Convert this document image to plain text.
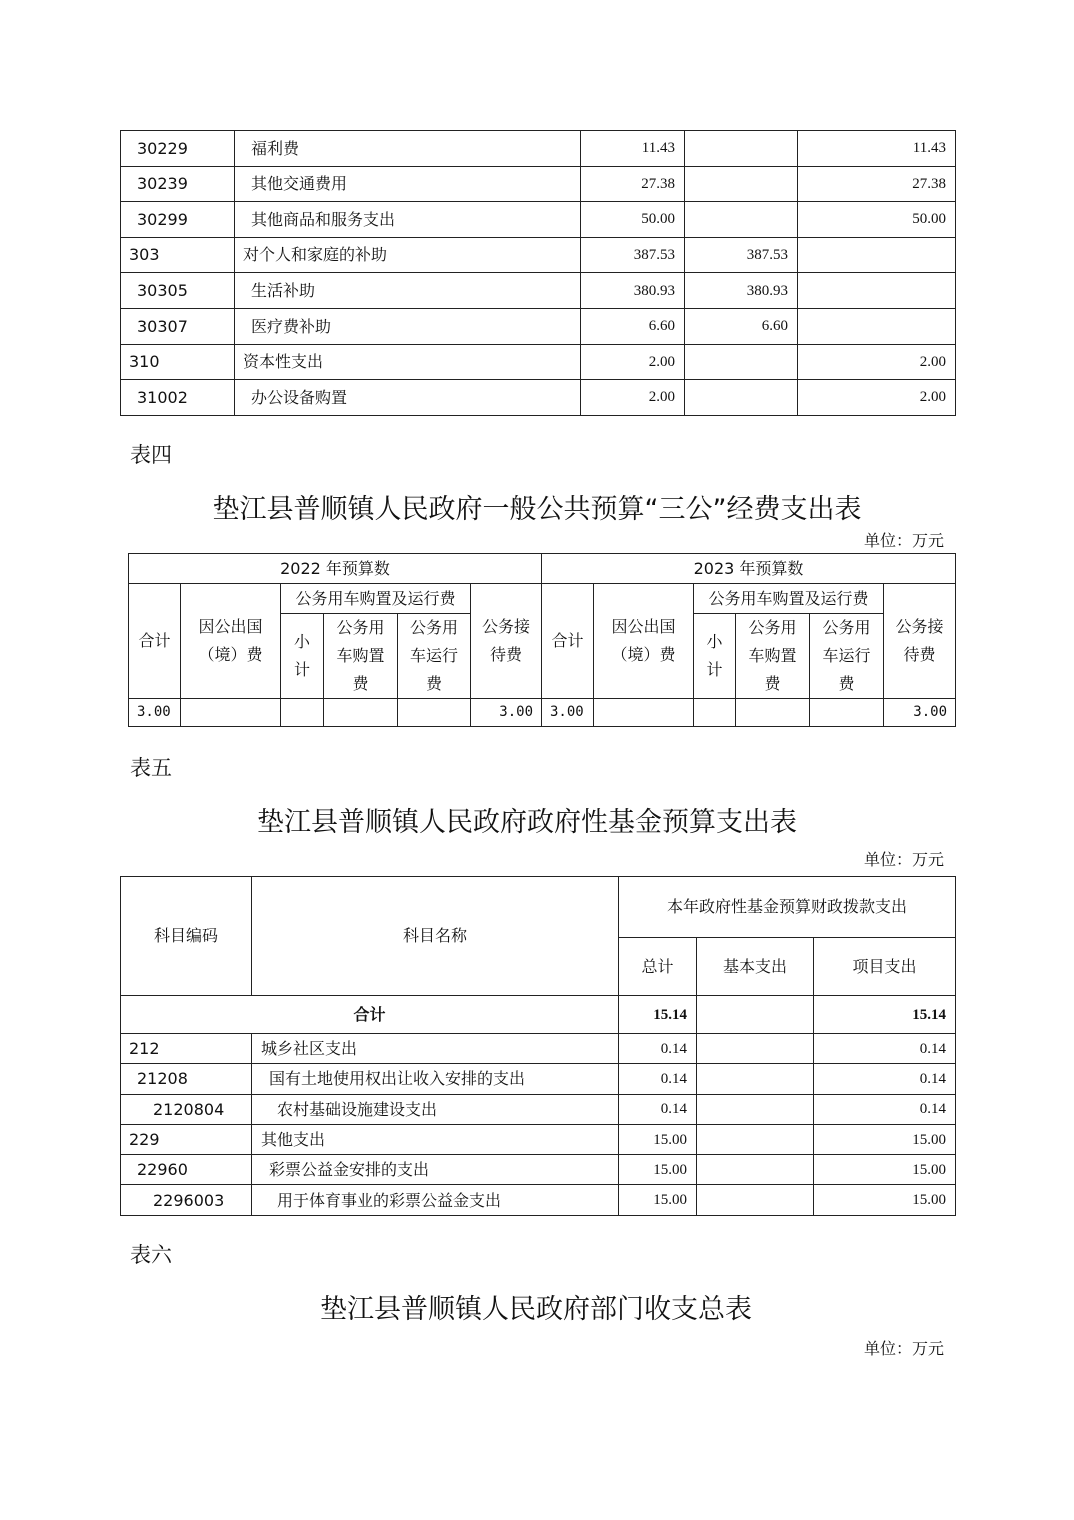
30229	福利费	11.43		11.43
30239	其他交通费用	27.38		27.38
30299	其他商品和服务支出	50.00		50.00
303	对个人和家庭的补助	387.53	387.53	
30305	生活补助	380.93	380.93	
30307	医疗费补助	6.60	6.60	
310	资本性支出	2.00		2.00
31002	办公设备购置	2.00		2.00
表四
垫江县普顺镇人民政府一般公共预算“三公”经费支出表
单位：万元
2022 年预算数						2023 年预算数					
合计	因公出国（境）费	公务用车购置及运行费			公务接待费	合计	因公出国（境）费	公务用车购置及运行费			公务接待费
		小计	公务用车购置费	公务用车运行费				小计	公务用车购置费	公务用车运行费	
3.00					3.00	3.00					3.00
表五
垫江县普顺镇人民政府政府性基金预算支出表
单位：万元
科目编码	科目名称	本年政府性基金预算财政拨款支出		
		总计	基本支出	项目支出
合计		15.14		15.14
212	城乡社区支出	0.14		0.14
21208	国有土地使用权出让收入安排的支出	0.14		0.14
2120804	农村基础设施建设支出	0.14		0.14
229	其他支出	15.00		15.00
22960	彩票公益金安排的支出	15.00		15.00
2296003	用于体育事业的彩票公益金支出	15.00		15.00
表六
垫江县普顺镇人民政府部门收支总表
单位：万元
